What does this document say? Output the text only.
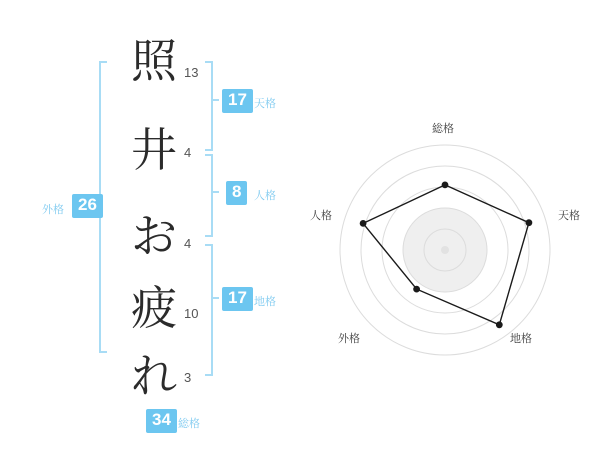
照 13
井 4
お 4
疲 10
れ 3
17 天格
8	人格
17 地格
外格 26
34 総格
総格
天格
地格
外格
人格
